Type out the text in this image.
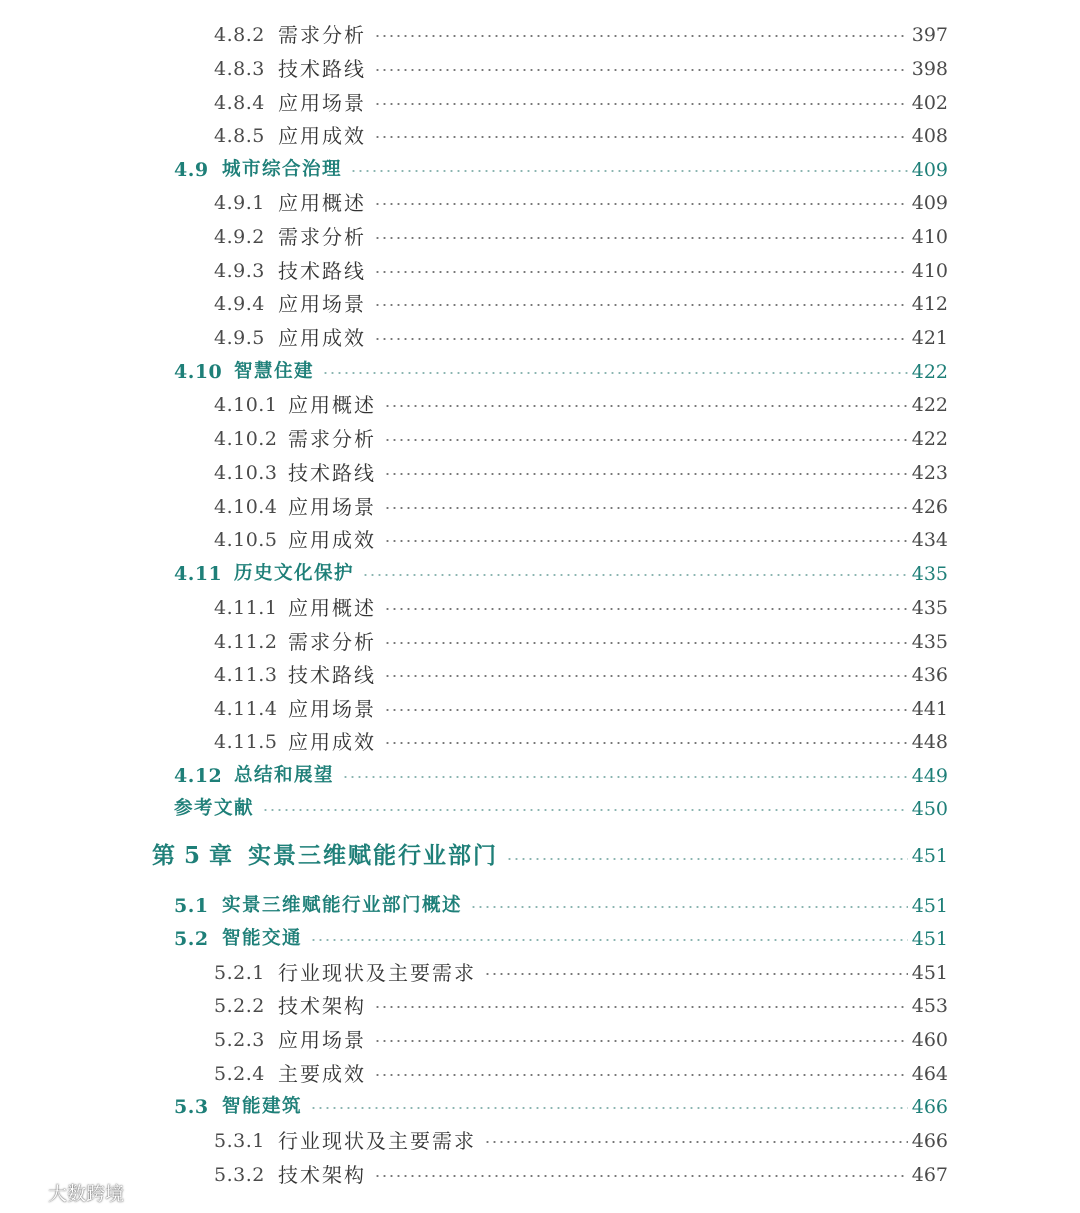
4.8.2 需求分析	397
4.8.3 技术路线	398
4.8.4 应用场景	402
4.8.5 应用成效	408
4.9 城市综合治理	409
4.9.1 应用概述	409
4.9.2 需求分析	410
4.9.3 技术路线	410
4.9.4 应用场景	412
4.9.5 应用成效	421
4.10 智慧住建	422
4.10.1 应用概述	422
4.10.2 需求分析	422
4.10.3 技术路线	423
4.10.4 应用场景	426
4.10.5 应用成效	434
4.11 历史文化保护	435
4.11.1 应用概述	435
4.11.2 需求分析	435
4.11.3 技术路线	436
4.11.4 应用场景	441
4.11.5 应用成效	448
4.12 总结和展望	449
参考文献	450
第 5 章 实景三维赋能行业部门	451
5.1 实景三维赋能行业部门概述	451
5.2 智能交通	451
5.2.1 行业现状及主要需求	451
5.2.2 技术架构	453
5.2.3 应用场景	460
5.2.4 主要成效	464
5.3 智能建筑	466
5.3.1 行业现状及主要需求	466
5.3.2 技术架构	467
大数跨境
